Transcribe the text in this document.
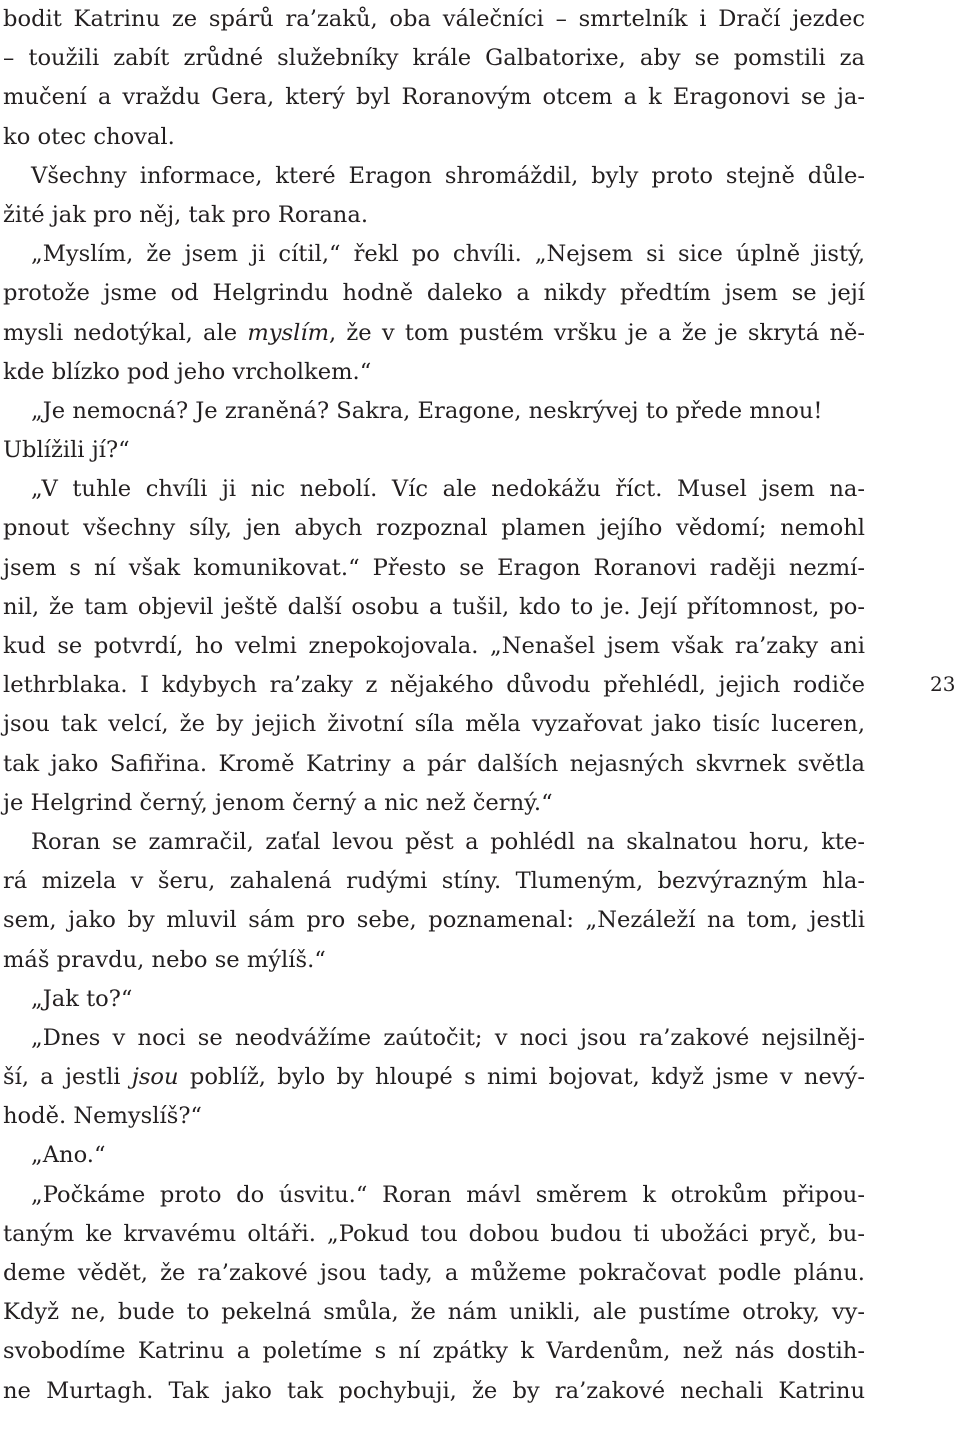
bodit Katrinu ze spárů ra’zaků, oba válečníci – smrtelník i Dračí jezdec
– toužili zabít zrůdné služebníky krále Galbatorixe, aby se pomstili za
mučení a vraždu Gera, který byl Roranovým otcem a k Eragonovi se ja-
ko otec choval.
Všechny informace, které Eragon shromáždil, byly proto stejně důle-
žité jak pro něj, tak pro Rorana.
„Myslím, že jsem ji cítil,“ řekl po chvíli. „Nejsem si sice úplně jistý,
protože jsme od Helgrindu hodně daleko a nikdy předtím jsem se její
mysli nedotýkal, ale myslím, že v tom pustém vršku je a že je skrytá ně-
kde blízko pod jeho vrcholkem.“
„Je nemocná? Je zraněná? Sakra, Eragone, neskrývej to přede mnou!
Ublížili jí?“
„V tuhle chvíli ji nic nebolí. Víc ale nedokážu říct. Musel jsem na-
pnout všechny síly, jen abych rozpoznal plamen jejího vědomí; nemohl
jsem s ní však komunikovat.“ Přesto se Eragon Roranovi raději nezmí-
nil, že tam objevil ještě další osobu a tušil, kdo to je. Její přítomnost, po-
kud se potvrdí, ho velmi znepokojovala. „Nenašel jsem však ra’zaky ani
lethrblaka. I kdybych ra’zaky z nějakého důvodu přehlédl, jejich rodiče
jsou tak velcí, že by jejich životní síla měla vyzařovat jako tisíc luceren,
tak jako Safiřina. Kromě Katriny a pár dalších nejasných skvrnek světla
je Helgrind černý, jenom černý a nic než černý.“
Roran se zamračil, zaťal levou pěst a pohlédl na skalnatou horu, kte-
rá mizela v šeru, zahalená rudými stíny. Tlumeným, bezvýrazným hla-
sem, jako by mluvil sám pro sebe, poznamenal: „Nezáleží na tom, jestli
máš pravdu, nebo se mýlíš.“
„Jak to?“
„Dnes v noci se neodvážíme zaútočit; v noci jsou ra’zakové nejsilněj-
ší, a jestli jsou poblíž, bylo by hloupé s nimi bojovat, když jsme v nevý-
hodě. Nemyslíš?“
„Ano.“
„Počkáme proto do úsvitu.“ Roran mávl směrem k otrokům připou-
taným ke krvavému oltáři. „Pokud tou dobou budou ti ubožáci pryč, bu-
deme vědět, že ra’zakové jsou tady, a můžeme pokračovat podle plánu.
Když ne, bude to pekelná smůla, že nám unikli, ale pustíme otroky, vy-
svobodíme Katrinu a poletíme s ní zpátky k Vardenům, než nás dostih-
ne Murtagh. Tak jako tak pochybuji, že by ra’zakové nechali Katrinu
23
